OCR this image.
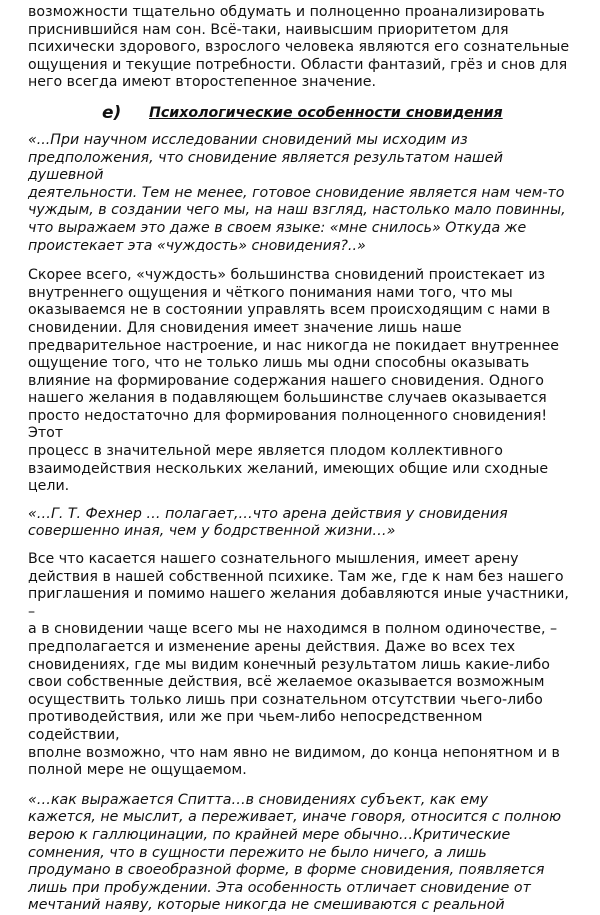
возможности тщательно обдумать и полноценно проанализировать
приснившийся нам сон. Всё-таки, наивысшим приоритетом для
психически здорового, взрослого человека являются его сознательные
ощущения и текущие потребности. Области фантазий, грёз и снов для
него всегда имеют второстепенное значение.

е)	Психологические особенности сновидения

«...При научном исследовании сновидений мы исходим из
предположения, что сновидение является результатом нашей душевной
деятельности. Тем не менее, готовое сновидение является нам чем-то
чуждым, в создании чего мы, на наш взгляд, настолько мало повинны,
что выражаем это даже в своем языке: «мне снилось» Откуда же
проистекает эта «чуждость» сновидения?..»

Скорее всего, «чуждость» большинства сновидений проистекает из
внутреннего ощущения и чёткого понимания нами того, что мы
оказываемся не в состоянии управлять всем происходящим с нами в
сновидении. Для сновидения имеет значение лишь наше
предварительное настроение, и нас никогда не покидает внутреннее
ощущение того, что не только лишь мы одни способны оказывать
влияние на формирование содержания нашего сновидения. Одного
нашего желания в подавляющем большинстве случаев оказывается
просто недостаточно для формирования полноценного сновидения! Этот
процесс в значительной мере является плодом коллективного
взаимодействия нескольких желаний, имеющих общие или сходные
цели.

«…Г. Т. Фехнер … полагает,…что арена действия у сновидения
совершенно иная, чем у бодрственной жизни…»

Все что касается нашего сознательного мышления, имеет арену
действия в нашей собственной психике. Там же, где к нам без нашего
приглашения и помимо нашего желания добавляются иные участники, –
а в сновидении чаще всего мы не находимся в полном одиночестве, –
предполагается и изменение арены действия. Даже во всех тех
сновидениях, где мы видим конечный результатом лишь какие-либо
свои собственные действия, всё желаемое оказывается возможным
осуществить только лишь при сознательном отсутствии чьего-либо
противодействия, или же при чьем-либо непосредственном содействии,
вполне возможно, что нам явно не видимом, до конца непонятном и в
полной мере не ощущаемом.

«…как выражается Спитта…в сновидениях субъект, как ему
кажется, не мыслит, а переживает, иначе говоря, относится с полною
верою к галлюцинации, по крайней мере обычно…Критические
сомнения, что в сущности пережито не было ничего, а лишь
продумано в своеобразной форме, в форме сновидения, появляется
лишь при пробуждении. Эта особенность отличает сновидение от
мечтаний наяву, которые никогда не смешиваются с реальной
